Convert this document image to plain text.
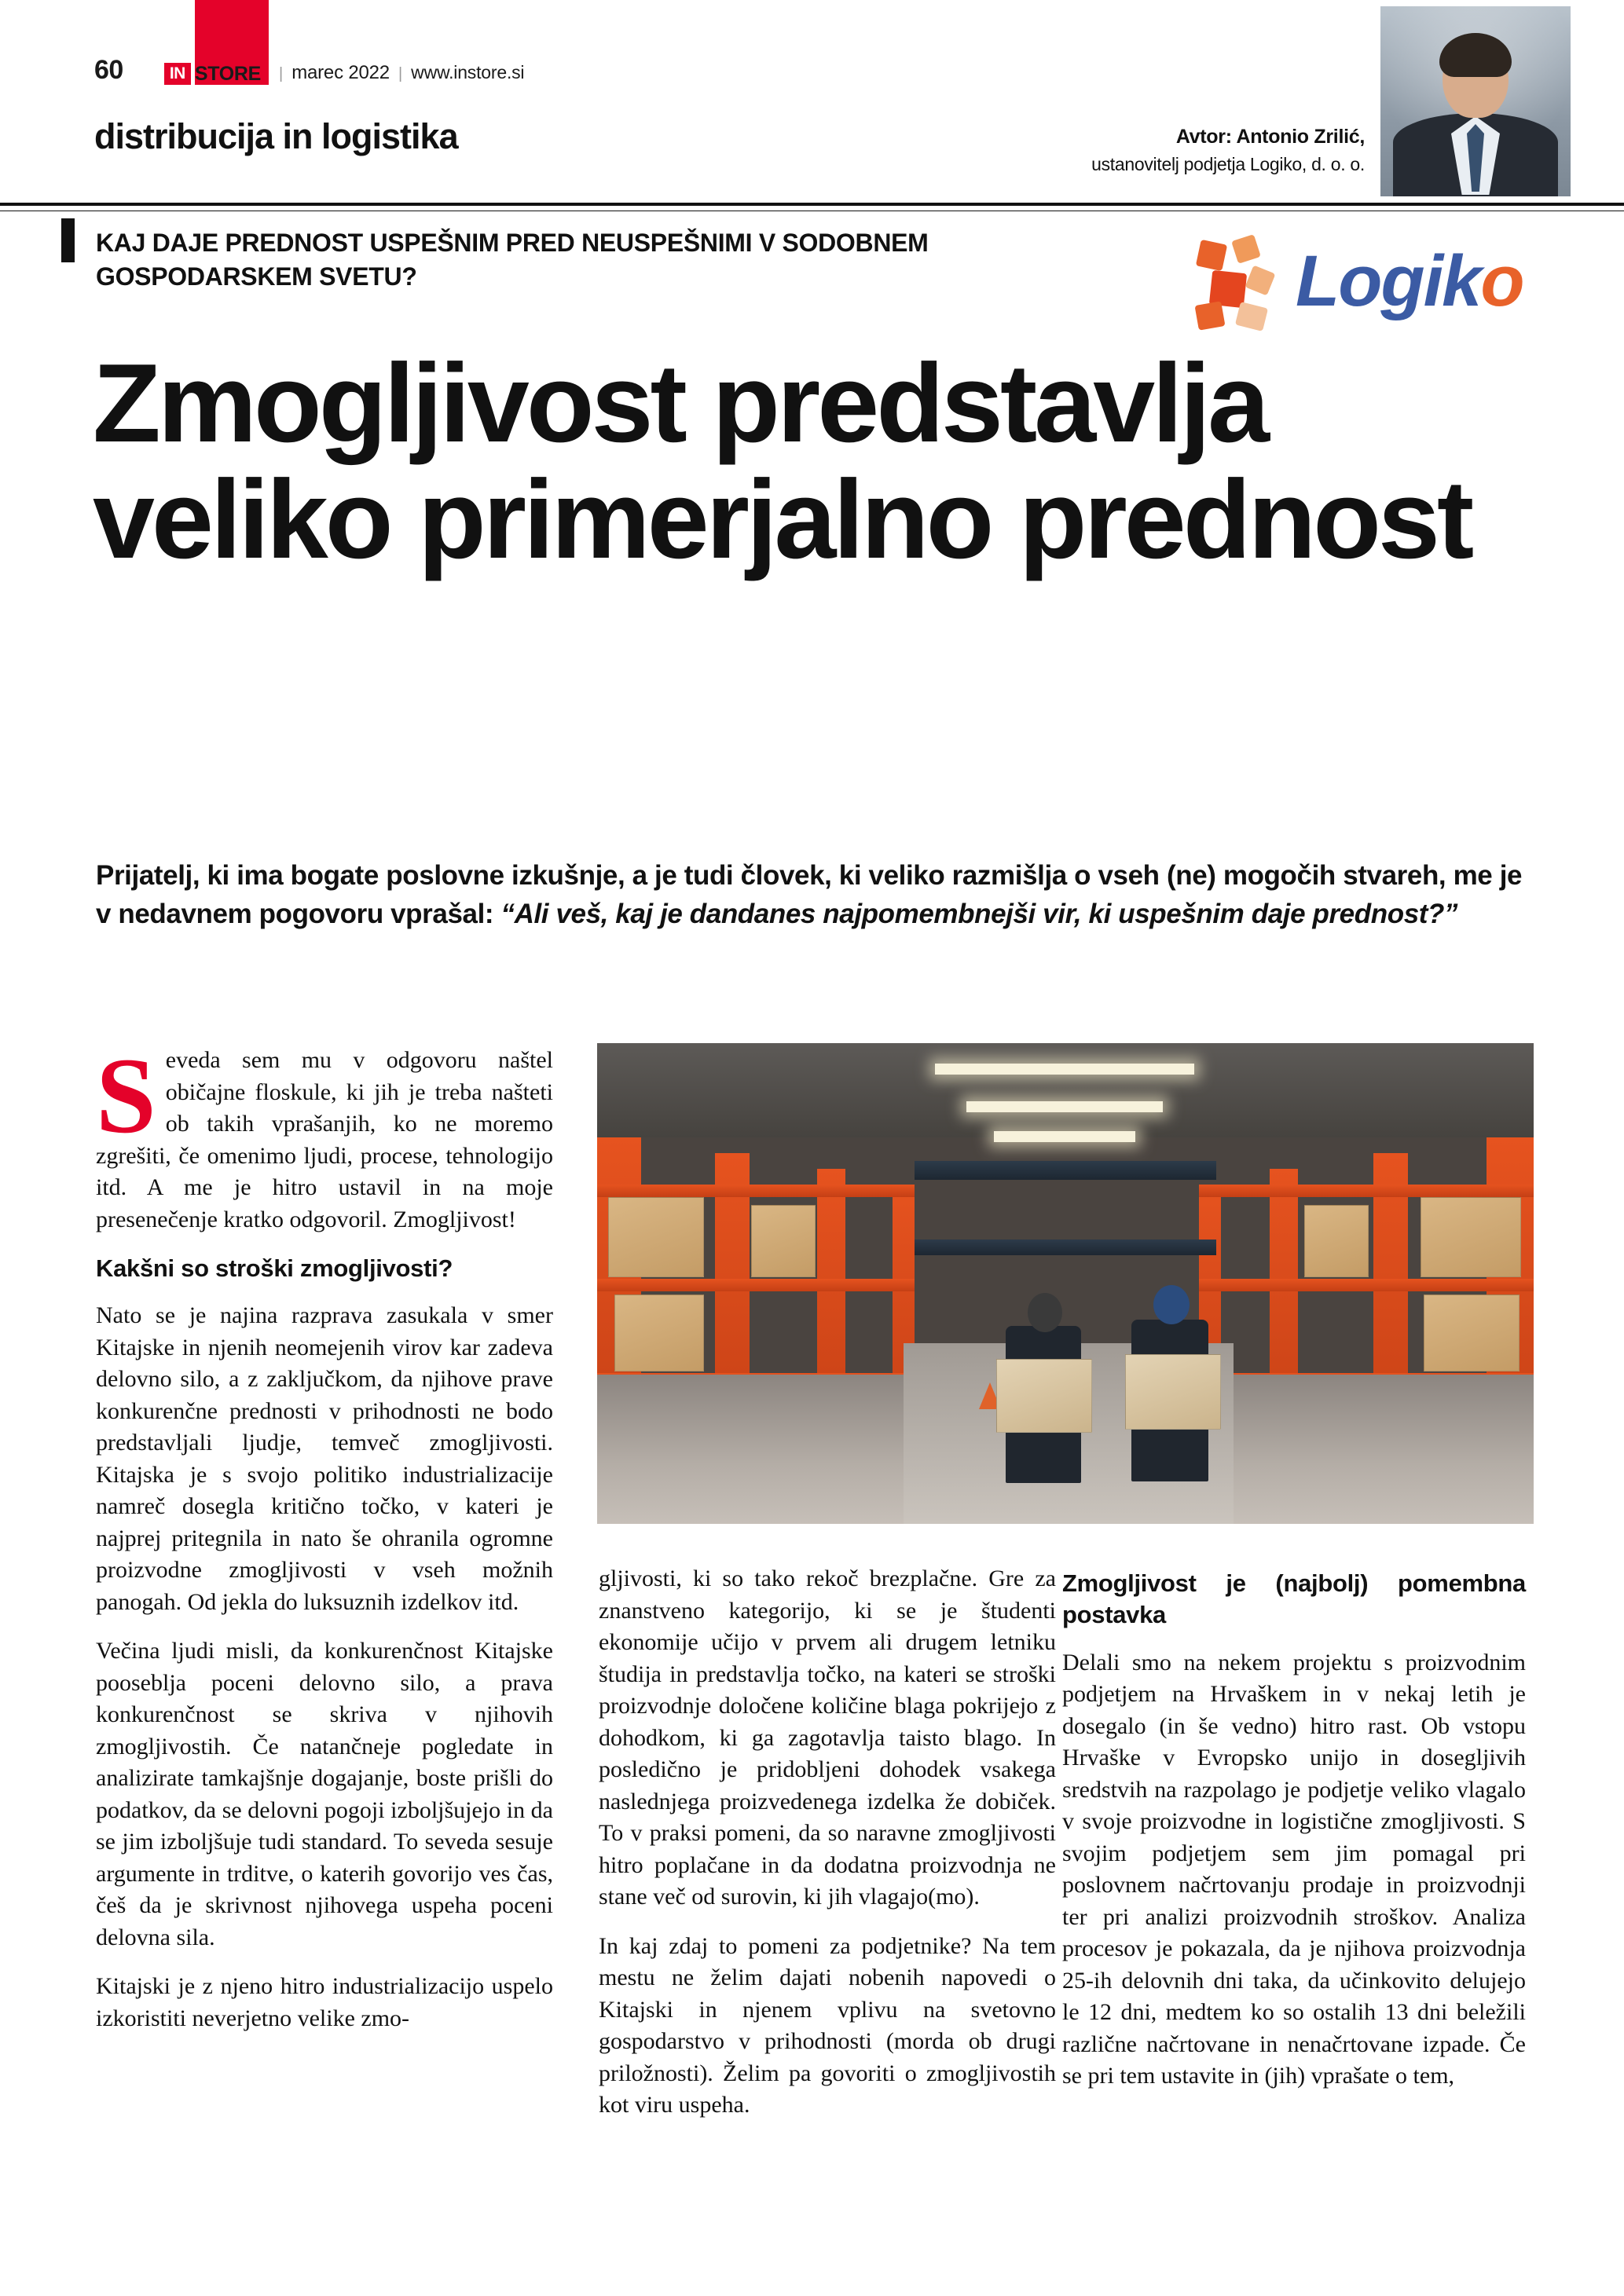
60	IN STORE | marec 2022 | www.instore.si
distribucija in logistika	Avtor: Antonio Zrilić,
ustanovitelj podjetja Logiko, d. o. o.
KAJ DAJE PREDNOST USPEŠNIM PRED NEUSPEŠNIMI V SODOBNEM GOSPODARSKEM SVETU?	Logiko
Zmogljivost predstavlja veliko primerjalno prednost
Prijatelj, ki ima bogate poslovne izkušnje, a je tudi človek, ki veliko razmišlja o vseh (ne) mogočih stvareh, me je v nedavnem pogovoru vprašal: “Ali veš, kaj je dandanes najpomembnejši vir, ki uspešnim daje prednost?”

Seveda sem mu v odgovoru naštel običajne floskule, ki jih je treba našteti ob takih vprašanjih, ko ne moremo zgrešiti, če omenimo ljudi, procese, tehnologijo itd. A me je hitro ustavil in na moje presenečenje kratko odgovoril. Zmogljivost!

Kakšni so stroški zmogljivosti?

Nato se je najina razprava zasukala v smer Kitajske in njenih neomejenih virov kar zadeva delovno silo, a z zaključkom, da njihove prave konkurenčne prednosti v prihodnosti ne bodo predstavljali ljudje, temveč zmogljivosti. Kitajska je s svojo politiko industrializacije namreč dosegla kritično točko, v kateri je najprej pritegnila in nato še ohranila ogromne proizvodne zmogljivosti v vseh možnih panogah. Od jekla do luksuznih izdelkov itd.

Večina ljudi misli, da konkurenčnost Kitajske poosebljа poceni delovno silo, a prava konkurenčnost se skriva v njihovih zmogljivostih. Če natančneje pogledate in analizirate tamkajšnje dogajanje, boste prišli do podatkov, da se delovni pogoji izboljšujejo in da se jim izboljšuje tudi standard. To seveda sesuje argumente in trditve, o katerih govorijo ves čas, češ da je skrivnost njihovega uspeha poceni delovna sila.

Kitajski je z njeno hitro industrializacijo uspelo izkoristiti neverjetno velike zmo-

gljivosti, ki so tako rekoč brezplačne. Gre za znanstveno kategorijo, ki se je študenti ekonomije učijo v prvem ali drugem letniku študija in predstavlja točko, na kateri se stroški proizvodnje določene količine blaga pokrijejo z dohodkom, ki ga zagotavlja taisto blago. In posledično je pridobljeni dohodek vsakega naslednjega proizvedenega izdelka že dobiček. To v praksi pomeni, da so naravne zmogljivosti hitro poplačane in da dodatna proizvodnja ne stane več od surovin, ki jih vlagajo(mo).

In kaj zdaj to pomeni za podjetnike? Na tem mestu ne želim dajati nobenih napovedi o Kitajski in njenem vplivu na svetovno gospodarstvo v prihodnosti (morda ob drugi priložnosti). Želim pa govoriti o zmogljivostih kot viru uspeha.

Zmogljivost je (najbolj) pomembna postavka

Delali smo na nekem projektu s proizvodnim podjetjem na Hrvaškem in v nekaj letih je dosegalo (in še vedno) hitro rast. Ob vstopu Hrvaške v Evropsko unijo in dosegljivih sredstvih na razpolago je podjetje veliko vlagalo v svoje proizvodne in logistične zmogljivosti. S svojim podjetjem sem jim pomagal pri poslovnem načrtovanju prodaje in proizvodnji ter pri analizi proizvodnih stroškov. Analiza procesov je pokazala, da je njihova proizvodnja 25-ih delovnih dni taka, da učinkovito delujejo le 12 dni, medtem ko so ostalih 13 dni beležili različne načrtovane in nenačrtovane izpade. Če se pri tem ustavite in (jih) vprašate o tem,
